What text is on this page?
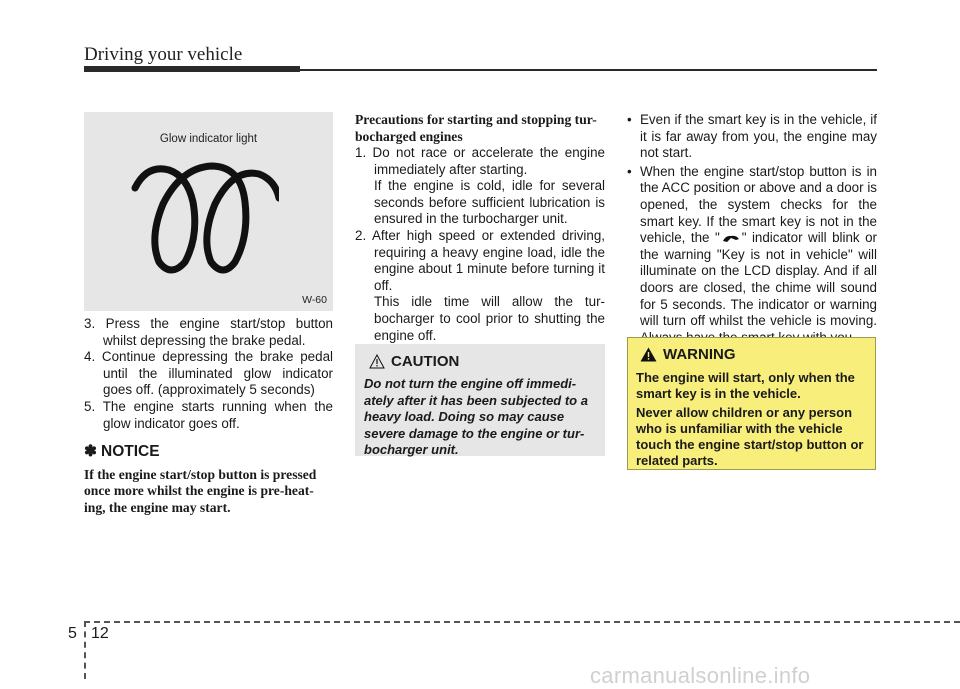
Driving your vehicle
Glow indicator light
W-60

3. Press the engine start/stop button whilst depressing the brake pedal.

4. Continue depressing the brake pedal until the illuminated glow indicator goes off. (approximately 5 seconds)

5. The engine starts running when the glow indicator goes off.

✽ NOTICE

If the engine start/stop button is pressed once more whilst the engine is pre-heat-ing, the engine may start.

Precautions for starting and stopping tur-bocharged engines

1. Do not race or accelerate the engine immediately after starting.

If the engine is cold, idle for several seconds before sufficient lubrication is ensured in the turbocharger unit.

2. After high speed or extended driving, requiring a heavy engine load, idle the engine about 1 minute before turning it off.

This idle time will allow the tur-bocharger to cool prior to shutting the engine off.

CAUTION
Do not turn the engine off immedi-ately after it has been subjected to a heavy load. Doing so may cause severe damage to the engine or tur-bocharger unit.

• Even if the smart key is in the vehicle, if it is far away from you, the engine may not start.

• When the engine start/stop button is in the ACC position or above and a door is opened, the system checks for the smart key. If the smart key is not in the vehicle, the " " indicator will blink or the warning "Key is not in vehicle" will illuminate on the LCD display. And if all doors are closed, the chime will sound for 5 seconds. The indicator or warning will turn off whilst the vehicle is moving.

WARNING

The engine will start, only when the smart key is in the vehicle.

Never allow children or any person who is unfamiliar with the vehicle touch the engine start/stop button or related parts.

5 12
carmanualsonline.info
